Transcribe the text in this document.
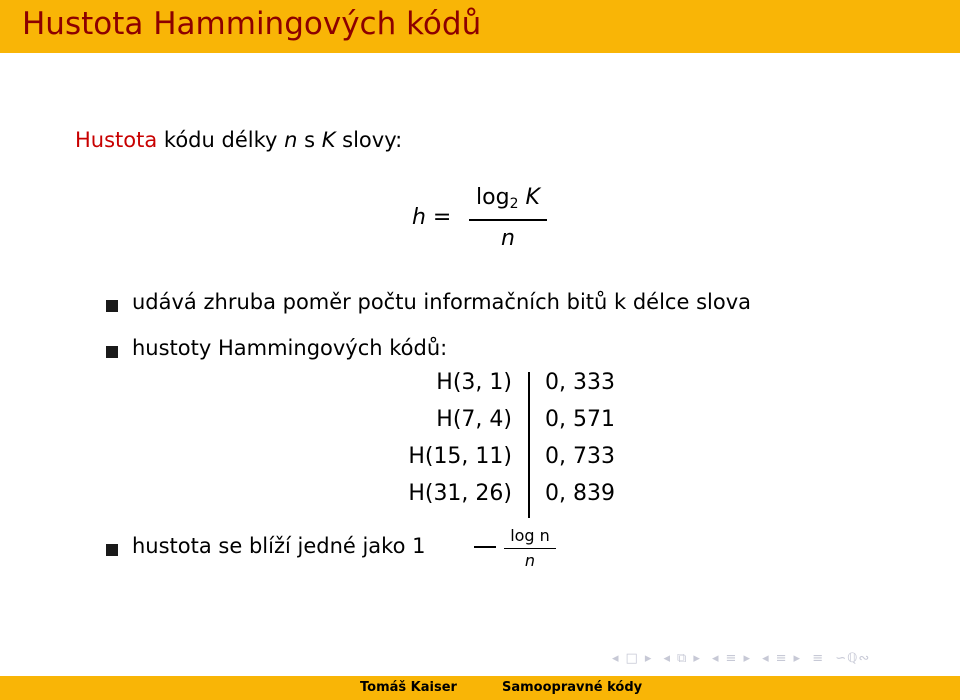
Hustota Hammingových kódů
Hustota kódu délky n s K slovy:
h =
$\log_2 K$
n
udává zhruba poměr počtu informačních bitů k délce slova
hustoty Hammingových kódů:
H(3, 1) 0, 333
H(7, 4) 0, 571
H(15, 11) 0, 733
H(31, 26) 0, 839
hustota se blíží jedné jako 1	log n
n
◂ □ ▸ ◂ ⧉ ▸ ◂ ≡ ▸ ◂ ≡ ▸ ≡ ∽ℚ∾
Tomáš Kaiser	Samoopravné kódy
